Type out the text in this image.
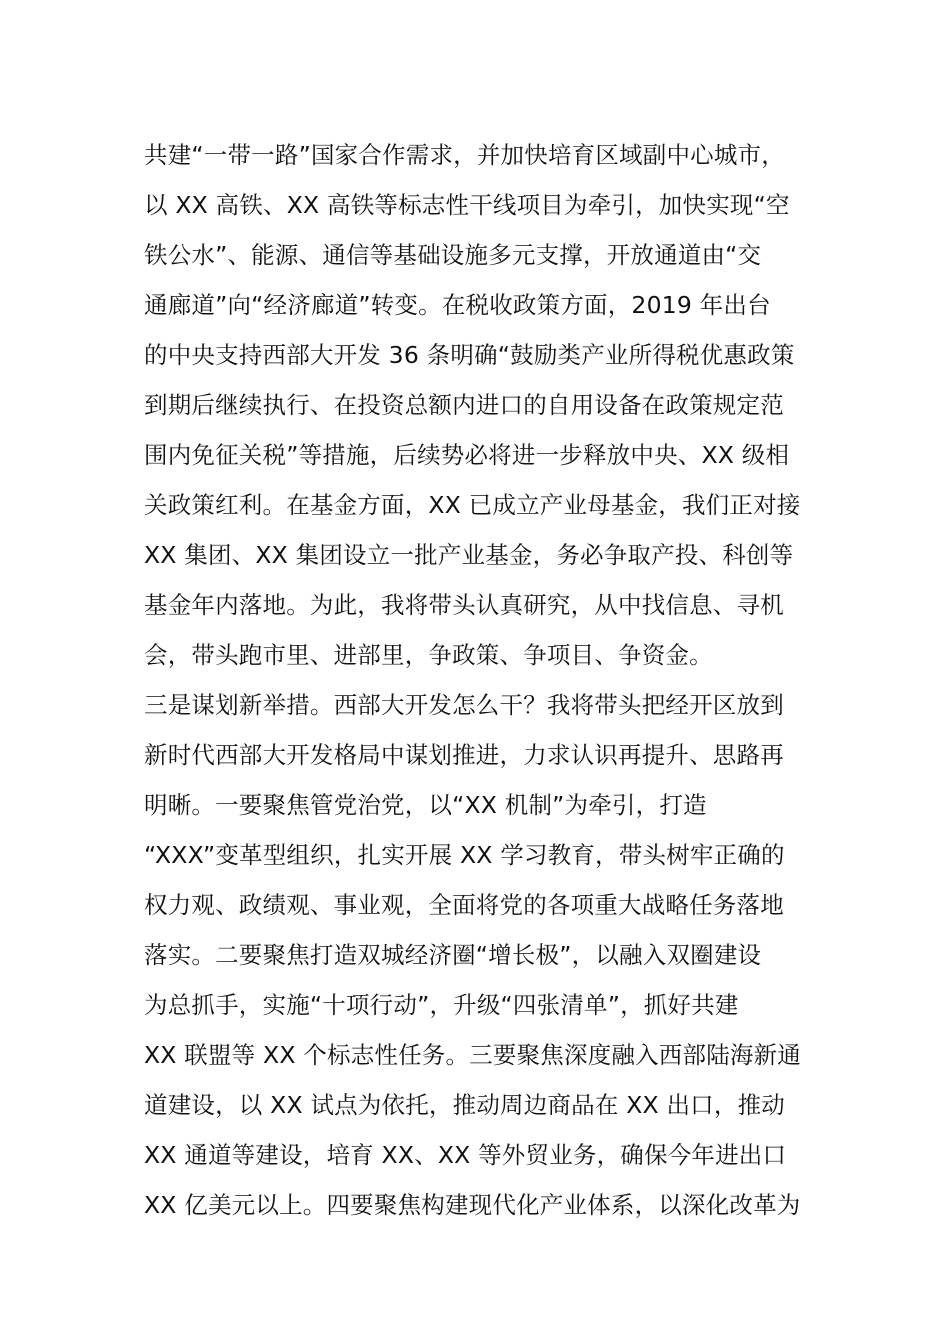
共建“一带一路”国家合作需求，并加快培育区域副中心城市，
以 XX 高铁、XX 高铁等标志性干线项目为牵引，加快实现“空
铁公水”、能源、通信等基础设施多元支撑，开放通道由“交
通廊道”向“经济廊道”转变。在税收政策方面，2019 年出台
的中央支持西部大开发 36 条明确“鼓励类产业所得税优惠政策
到期后继续执行、在投资总额内进口的自用设备在政策规定范
围内免征关税”等措施，后续势必将进一步释放中央、XX 级相
关政策红利。在基金方面，XX 已成立产业母基金，我们正对接
XX 集团、XX 集团设立一批产业基金，务必争取产投、科创等
基金年内落地。为此，我将带头认真研究，从中找信息、寻机
会，带头跑市里、进部里，争政策、争项目、争资金。
三是谋划新举措。西部大开发怎么干？我将带头把经开区放到
新时代西部大开发格局中谋划推进，力求认识再提升、思路再
明晰。一要聚焦管党治党，以“XX 机制”为牵引，打造
“XXX”变革型组织，扎实开展 XX 学习教育，带头树牢正确的
权力观、政绩观、事业观，全面将党的各项重大战略任务落地
落实。二要聚焦打造双城经济圈“增长极”，以融入双圈建设
为总抓手，实施“十项行动”，升级“四张清单”，抓好共建
XX 联盟等 XX 个标志性任务。三要聚焦深度融入西部陆海新通
道建设，以 XX 试点为依托，推动周边商品在 XX 出口，推动
XX 通道等建设，培育 XX、XX 等外贸业务，确保今年进出口
XX 亿美元以上。四要聚焦构建现代化产业体系，以深化改革为
